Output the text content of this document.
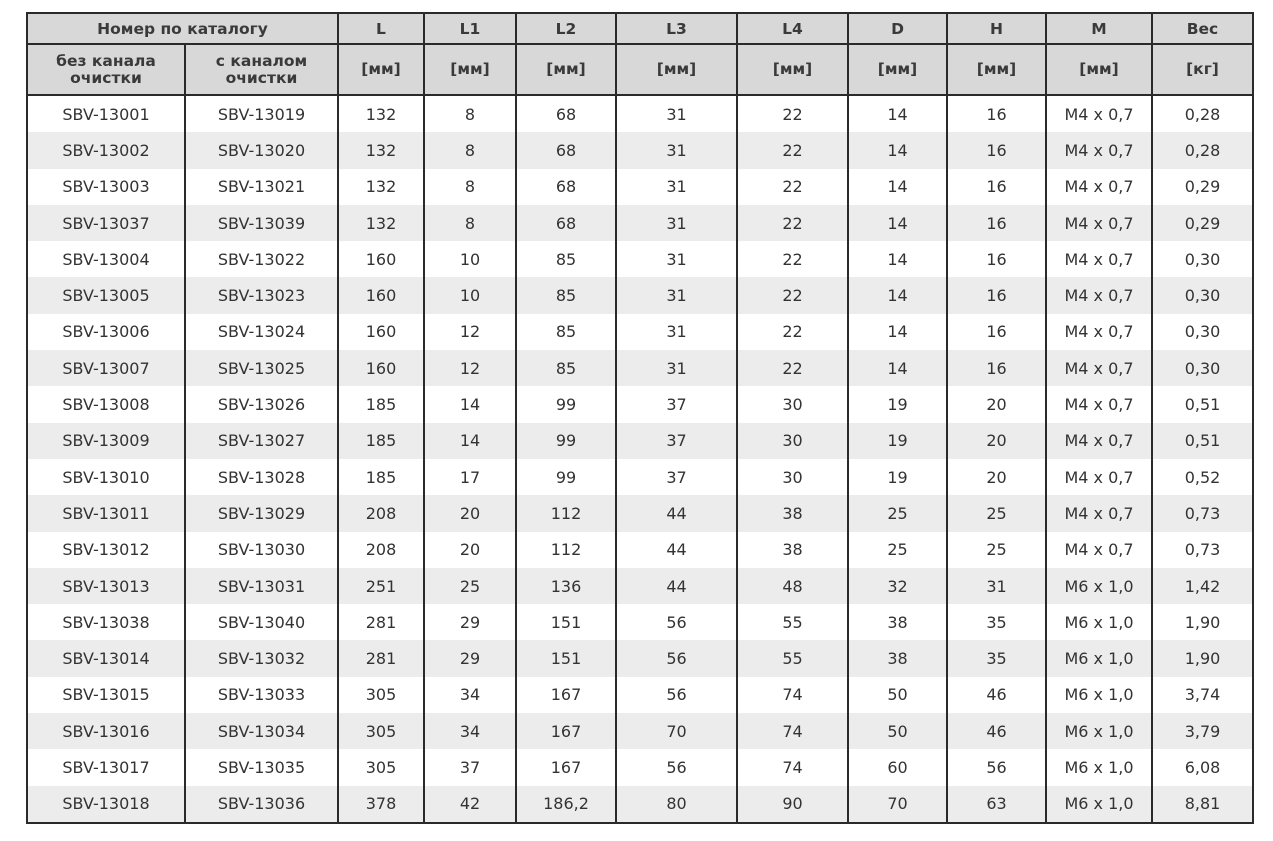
Номер по каталогу		L	L1	L2	L3	L4	D	H	M	Вес
без канала очистки	с каналом очистки	[мм]	[мм]	[мм]	[мм]	[мм]	[мм]	[мм]	[мм]	[кг]
SBV-13001	SBV-13019	132	8	68	31	22	14	16	M4 x 0,7	0,28
SBV-13002	SBV-13020	132	8	68	31	22	14	16	M4 x 0,7	0,28
SBV-13003	SBV-13021	132	8	68	31	22	14	16	M4 x 0,7	0,29
SBV-13037	SBV-13039	132	8	68	31	22	14	16	M4 x 0,7	0,29
SBV-13004	SBV-13022	160	10	85	31	22	14	16	M4 x 0,7	0,30
SBV-13005	SBV-13023	160	10	85	31	22	14	16	M4 x 0,7	0,30
SBV-13006	SBV-13024	160	12	85	31	22	14	16	M4 x 0,7	0,30
SBV-13007	SBV-13025	160	12	85	31	22	14	16	M4 x 0,7	0,30
SBV-13008	SBV-13026	185	14	99	37	30	19	20	M4 x 0,7	0,51
SBV-13009	SBV-13027	185	14	99	37	30	19	20	M4 x 0,7	0,51
SBV-13010	SBV-13028	185	17	99	37	30	19	20	M4 x 0,7	0,52
SBV-13011	SBV-13029	208	20	112	44	38	25	25	M4 x 0,7	0,73
SBV-13012	SBV-13030	208	20	112	44	38	25	25	M4 x 0,7	0,73
SBV-13013	SBV-13031	251	25	136	44	48	32	31	M6 x 1,0	1,42
SBV-13038	SBV-13040	281	29	151	56	55	38	35	M6 x 1,0	1,90
SBV-13014	SBV-13032	281	29	151	56	55	38	35	M6 x 1,0	1,90
SBV-13015	SBV-13033	305	34	167	56	74	50	46	M6 x 1,0	3,74
SBV-13016	SBV-13034	305	34	167	70	74	50	46	M6 x 1,0	3,79
SBV-13017	SBV-13035	305	37	167	56	74	60	56	M6 x 1,0	6,08
SBV-13018	SBV-13036	378	42	186,2	80	90	70	63	M6 x 1,0	8,81
